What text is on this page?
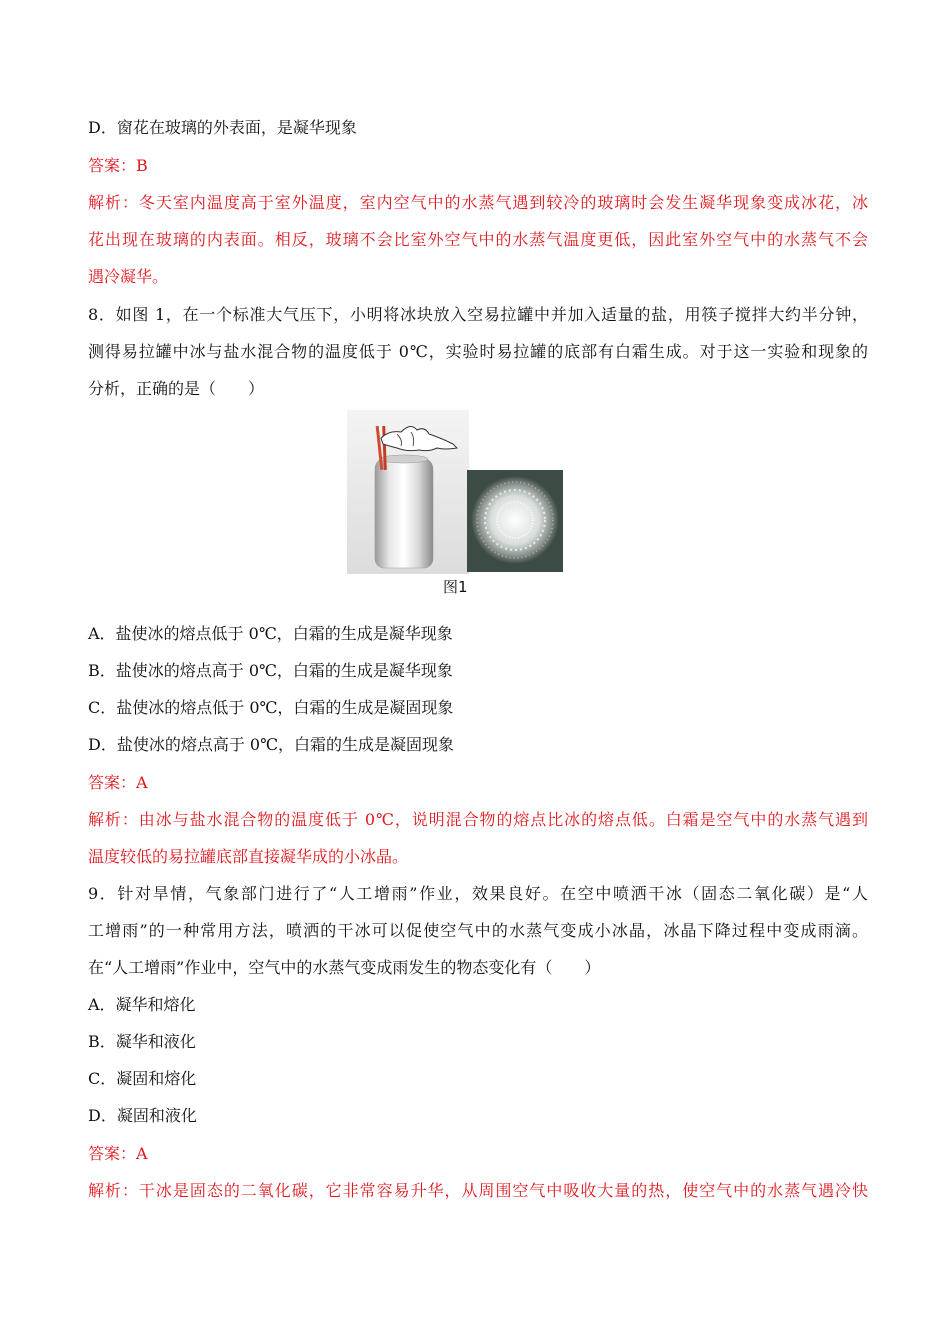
D．窗花在玻璃的外表面，是凝华现象
答案：B
解析：冬天室内温度高于室外温度，室内空气中的水蒸气遇到较冷的玻璃时会发生凝华现象变成冰花，冰
花出现在玻璃的内表面。相反，玻璃不会比室外空气中的水蒸气温度更低，因此室外空气中的水蒸气不会
遇冷凝华。
8．如图 1，在一个标准大气压下，小明将冰块放入空易拉罐中并加入适量的盐，用筷子搅拌大约半分钟，
测得易拉罐中冰与盐水混合物的温度低于 0℃，实验时易拉罐的底部有白霜生成。对于这一实验和现象的
分析，正确的是（　　）
图1
A．盐使冰的熔点低于 0℃，白霜的生成是凝华现象
B．盐使冰的熔点高于 0℃，白霜的生成是凝华现象
C．盐使冰的熔点低于 0℃，白霜的生成是凝固现象
D．盐使冰的熔点高于 0℃，白霜的生成是凝固现象
答案：A
解析：由冰与盐水混合物的温度低于 0℃，说明混合物的熔点比冰的熔点低。白霜是空气中的水蒸气遇到
温度较低的易拉罐底部直接凝华成的小冰晶。
9．针对旱情，气象部门进行了“人工增雨”作业，效果良好。在空中喷洒干冰（固态二氧化碳）是“人
工增雨”的一种常用方法，喷洒的干冰可以促使空气中的水蒸气变成小冰晶，冰晶下降过程中变成雨滴。
在“人工增雨”作业中，空气中的水蒸气变成雨发生的物态变化有（　　）
A．凝华和熔化
B．凝华和液化
C．凝固和熔化
D．凝固和液化
答案：A
解析：干冰是固态的二氧化碳，它非常容易升华，从周围空气中吸收大量的热，使空气中的水蒸气遇冷快
